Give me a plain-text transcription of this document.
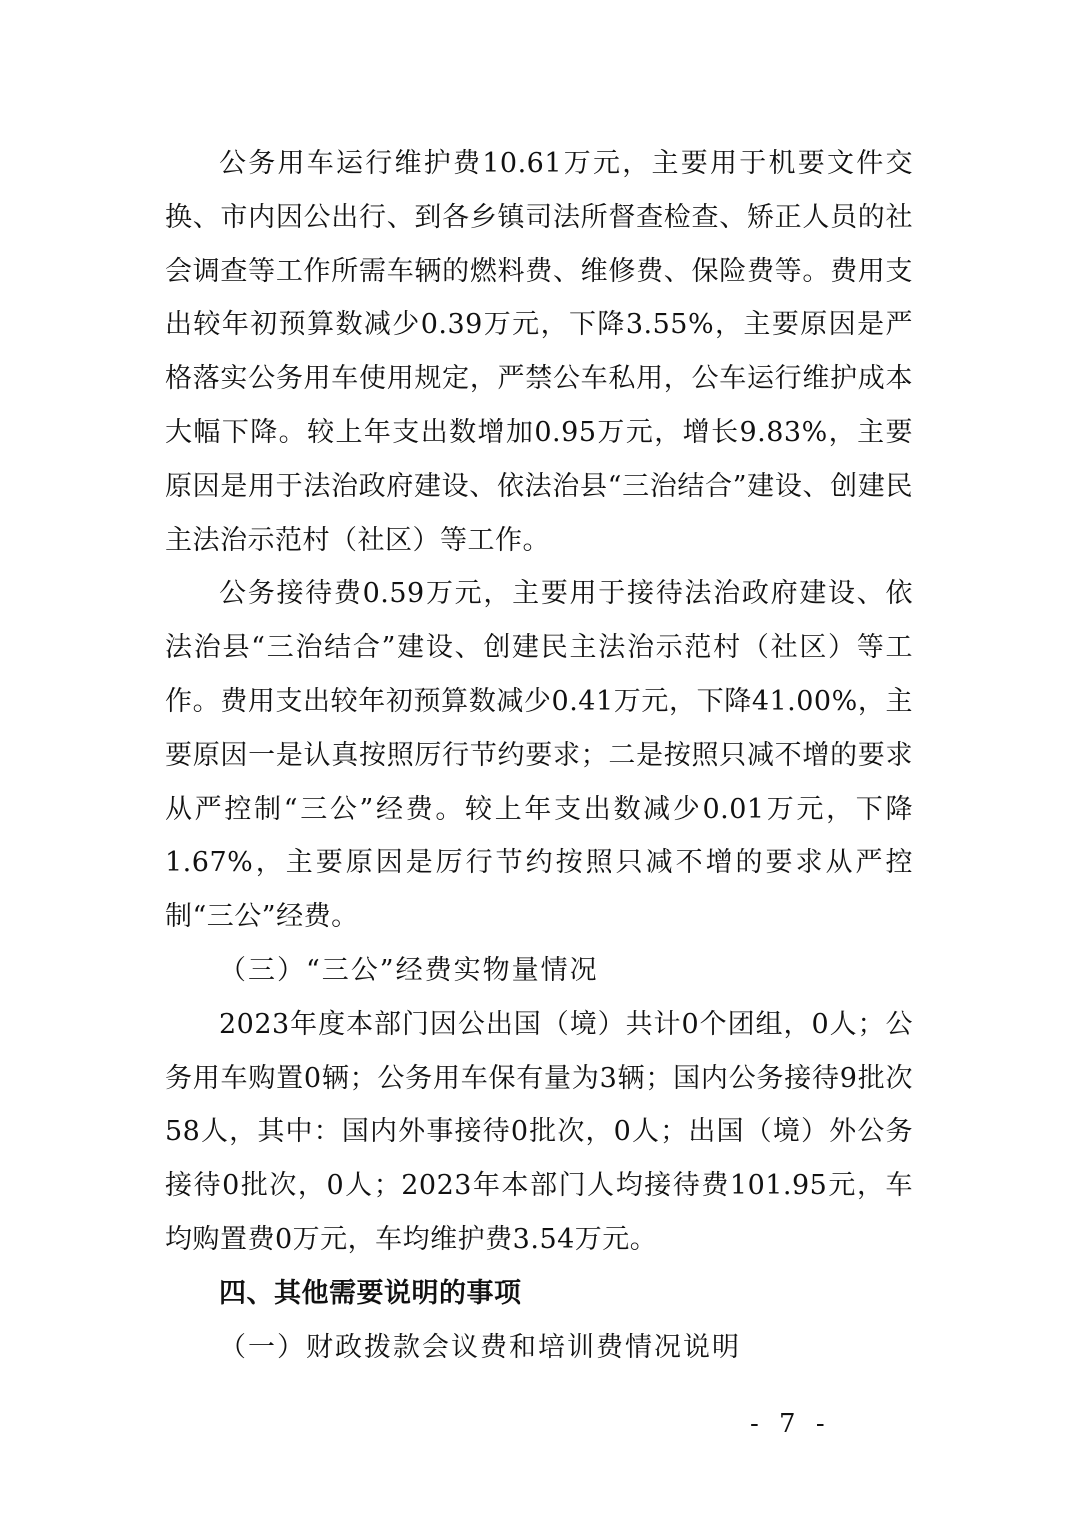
公务用车运行维护费10.61万元，主要用于机要文件交换、市内因公出行、到各乡镇司法所督查检查、矫正人员的社会调查等工作所需车辆的燃料费、维修费、保险费等。费用支出较年初预算数减少0.39万元，下降3.55%，主要原因是严格落实公务用车使用规定，严禁公车私用，公车运行维护成本大幅下降。较上年支出数增加0.95万元，增长9.83%，主要原因是用于法治政府建设、依法治县“三治结合”建设、创建民主法治示范村（社区）等工作。

公务接待费0.59万元，主要用于接待法治政府建设、依法治县“三治结合”建设、创建民主法治示范村（社区）等工作。费用支出较年初预算数减少0.41万元，下降41.00%，主要原因一是认真按照厉行节约要求；二是按照只减不增的要求从严控制“三公”经费。较上年支出数减少0.01万元，下降1.67%，主要原因是厉行节约按照只减不增的要求从严控制“三公”经费。

（三）“三公”经费实物量情况

2023年度本部门因公出国（境）共计0个团组，0人；公务用车购置0辆；公务用车保有量为3辆；国内公务接待9批次58人，其中：国内外事接待0批次，0人；出国（境）外公务接待0批次，0人；2023年本部门人均接待费101.95元，车均购置费0万元，车均维护费3.54万元。

四、其他需要说明的事项

（一）财政拨款会议费和培训费情况说明

- 7 -
